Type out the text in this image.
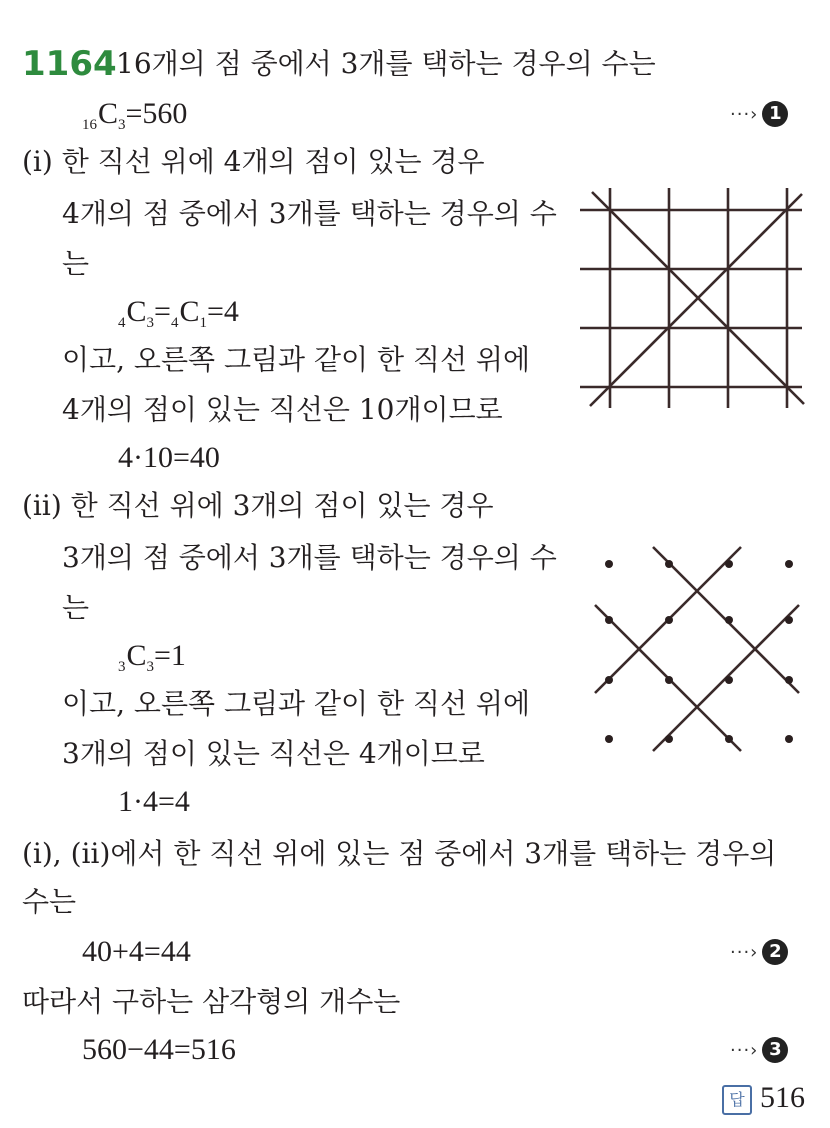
1164 16개의 점 중에서 3개를 택하는 경우의 수는
$_{16}C_3=560$	···› 1
(ⅰ) 한 직선 위에 4개의 점이 있는 경우
4개의 점 중에서 3개를 택하는 경우의 수
는
$_4C_3=_4C_1=4$
이고, 오른쪽 그림과 같이 한 직선 위에
4개의 점이 있는 직선은 10개이므로
4·10=40
(ⅱ) 한 직선 위에 3개의 점이 있는 경우
3개의 점 중에서 3개를 택하는 경우의 수
는
$_3C_3=1$
이고, 오른쪽 그림과 같이 한 직선 위에
3개의 점이 있는 직선은 4개이므로
1·4=4
(ⅰ), (ⅱ)에서 한 직선 위에 있는 점 중에서 3개를 택하는 경우의
수는
40+4=44	···› 2
따라서 구하는 삼각형의 개수는
560−44=516	···› 3
답 516
